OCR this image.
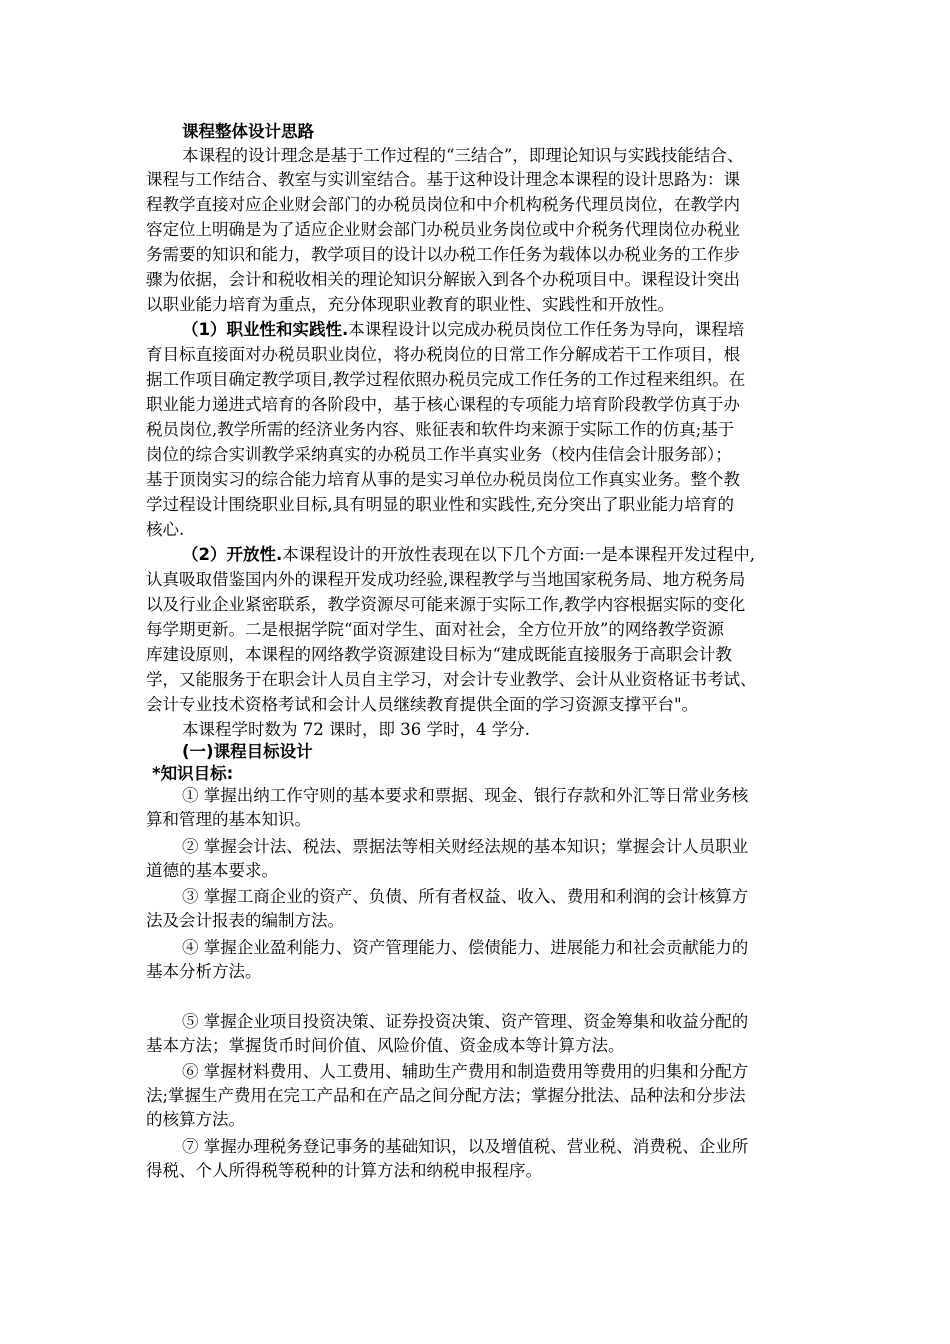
课程整体设计思路
本课程的设计理念是基于工作过程的“三结合”，即理论知识与实践技能结合、
课程与工作结合、教室与实训室结合。基于这种设计理念本课程的设计思路为：课
程教学直接对应企业财会部门的办税员岗位和中介机构税务代理员岗位，在教学内
容定位上明确是为了适应企业财会部门办税员业务岗位或中介税务代理岗位办税业
务需要的知识和能力，教学项目的设计以办税工作任务为载体以办税业务的工作步
骤为依据，会计和税收相关的理论知识分解嵌入到各个办税项目中。课程设计突出
以职业能力培育为重点，充分体现职业教育的职业性、实践性和开放性。
（1）职业性和实践性.本课程设计以完成办税员岗位工作任务为导向，课程培
育目标直接面对办税员职业岗位，将办税岗位的日常工作分解成若干工作项目，根
据工作项目确定教学项目,教学过程依照办税员完成工作任务的工作过程来组织。在
职业能力递进式培育的各阶段中，基于核心课程的专项能力培育阶段教学仿真于办
税员岗位,教学所需的经济业务内容、账征表和软件均来源于实际工作的仿真;基于
岗位的综合实训教学采纳真实的办税员工作半真实业务（校内佳信会计服务部）；
基于顶岗实习的综合能力培育从事的是实习单位办税员岗位工作真实业务。整个教
学过程设计围绕职业目标,具有明显的职业性和实践性,充分突出了职业能力培育的
核心.
（2）开放性.本课程设计的开放性表现在以下几个方面:一是本课程开发过程中,
认真吸取借鉴国内外的课程开发成功经验,课程教学与当地国家税务局、地方税务局
以及行业企业紧密联系，教学资源尽可能来源于实际工作,教学内容根据实际的变化
每学期更新。二是根据学院“面对学生、面对社会，全方位开放”的网络教学资源
库建设原则，本课程的网络教学资源建设目标为“建成既能直接服务于高职会计教
学，又能服务于在职会计人员自主学习，对会计专业教学、会计从业资格证书考试、
会计专业技术资格考试和会计人员继续教育提供全面的学习资源支撑平台"。
本课程学时数为 72 课时，即 36 学时，4 学分.
(一)课程目标设计
*知识目标:
① 掌握出纳工作守则的基本要求和票据、现金、银行存款和外汇等日常业务核
算和管理的基本知识。
② 掌握会计法、税法、票据法等相关财经法规的基本知识；掌握会计人员职业
道德的基本要求。
③ 掌握工商企业的资产、负债、所有者权益、收入、费用和利润的会计核算方
法及会计报表的编制方法。
④ 掌握企业盈利能力、资产管理能力、偿债能力、进展能力和社会贡献能力的
基本分析方法。
⑤ 掌握企业项目投资决策、证券投资决策、资产管理、资金筹集和收益分配的
基本方法；掌握货币时间价值、风险价值、资金成本等计算方法。
⑥ 掌握材料费用、人工费用、辅助生产费用和制造费用等费用的归集和分配方
法;掌握生产费用在完工产品和在产品之间分配方法；掌握分批法、品种法和分步法
的核算方法。
⑦ 掌握办理税务登记事务的基础知识，以及增值税、营业税、消费税、企业所
得税、个人所得税等税种的计算方法和纳税申报程序。
